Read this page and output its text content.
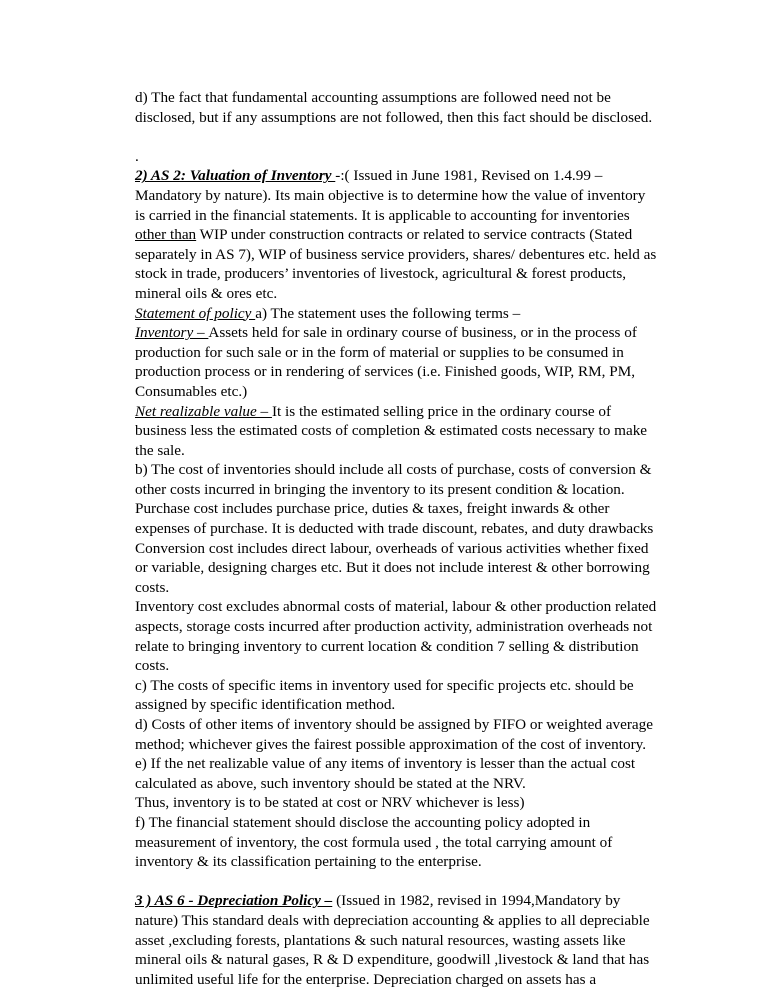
d) The fact that fundamental accounting assumptions are followed need not be disclosed, but if any assumptions are not followed, then this fact should be disclosed.

.

2) AS 2: Valuation of Inventory -:( Issued in June 1981, Revised on 1.4.99 – Mandatory by nature). Its main objective is to determine how the value of inventory is carried in the financial statements. It is applicable to accounting for inventories

other than WIP under construction contracts or related to service contracts (Stated separately in AS 7), WIP of business service providers, shares/ debentures etc. held as stock in trade, producers’ inventories of livestock, agricultural & forest products, mineral oils & ores etc.

Statement of policy a) The statement uses the following terms –

Inventory – Assets held for sale in ordinary course of business, or in the process of production for such sale or in the form of material or supplies to be consumed in production process or in rendering of services (i.e. Finished goods, WIP, RM, PM, Consumables etc.)

Net realizable value – It is the estimated selling price in the ordinary course of business less the estimated costs of completion & estimated costs necessary to make the sale.

b) The cost of inventories should include all costs of purchase, costs of conversion & other costs incurred in bringing the inventory to its present condition & location. Purchase cost includes purchase price, duties & taxes, freight inwards & other expenses of purchase. It is deducted with trade discount, rebates, and duty drawbacks Conversion cost includes direct labour, overheads of various activities whether fixed or variable, designing charges etc. But it does not include interest & other borrowing costs.

Inventory cost excludes abnormal costs of material, labour & other production related aspects, storage costs incurred after production activity, administration overheads not relate to bringing inventory to current location & condition 7 selling & distribution costs.

c) The costs of specific items in inventory used for specific projects etc. should be assigned by specific identification method.

d) Costs of other items of inventory should be assigned by FIFO or weighted average method; whichever gives the fairest possible approximation of the cost of inventory.

e) If the net realizable value of any items of inventory is lesser than the actual cost calculated as above, such inventory should be stated at the NRV.

Thus, inventory is to be stated at cost or NRV whichever is less)

f) The financial statement should disclose the accounting policy adopted in measurement of inventory, the cost formula used , the total carrying amount of inventory & its classification pertaining to the enterprise.

3 ) AS 6 - Depreciation Policy – (Issued in 1982, revised in 1994,Mandatory by nature) This standard deals with depreciation accounting & applies to all depreciable asset ,excluding forests, plantations & such natural resources, wasting assets like mineral oils & natural gases, R & D expenditure, goodwill ,livestock & land that has unlimited useful life for the enterprise. Depreciation charged on assets has a
